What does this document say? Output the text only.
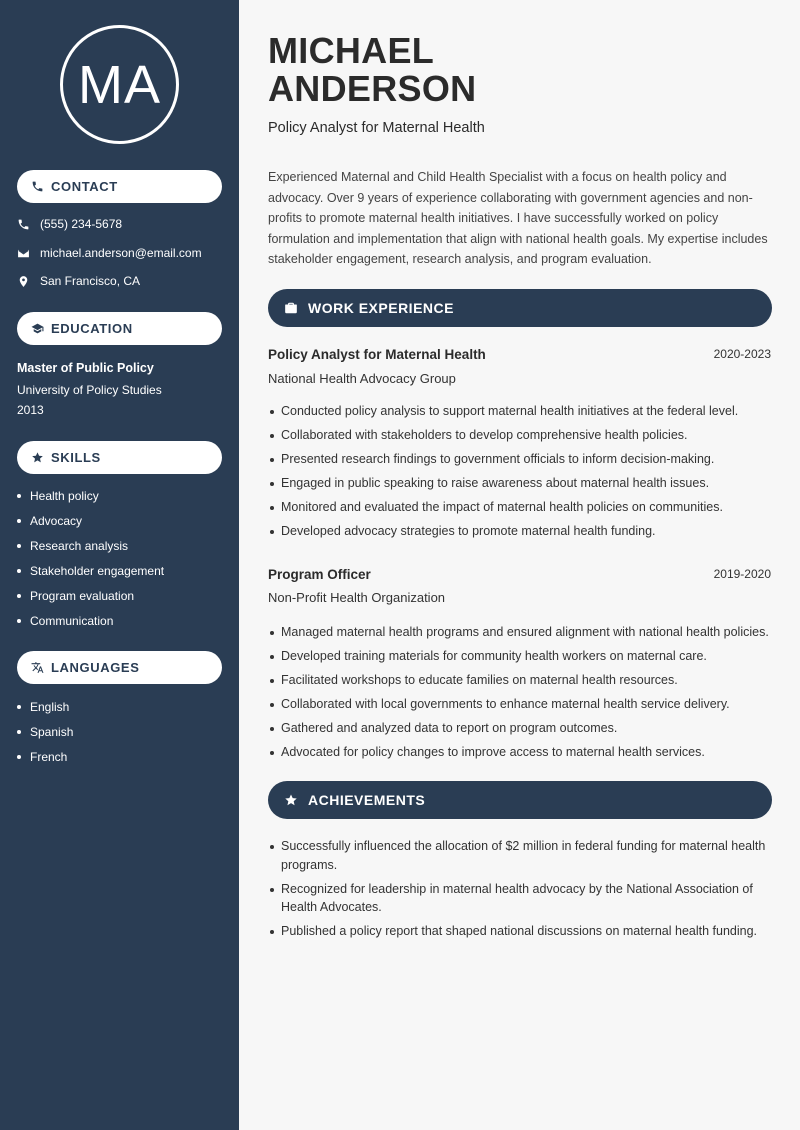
MA
CONTACT
(555) 234-5678
michael.anderson@email.com
San Francisco, CA
EDUCATION
Master of Public Policy
University of Policy Studies
2013
SKILLS
Health policy
Advocacy
Research analysis
Stakeholder engagement
Program evaluation
Communication
LANGUAGES
English
Spanish
French
MICHAEL
ANDERSON
Policy Analyst for Maternal Health
Experienced Maternal and Child Health Specialist with a focus on health policy and advocacy. Over 9 years of experience collaborating with government agencies and non-profits to promote maternal health initiatives. I have successfully worked on policy formulation and implementation that align with national health goals. My expertise includes stakeholder engagement, research analysis, and program evaluation.
WORK EXPERIENCE
Policy Analyst for Maternal Health	2020-2023
National Health Advocacy Group
Conducted policy analysis to support maternal health initiatives at the federal level.
Collaborated with stakeholders to develop comprehensive health policies.
Presented research findings to government officials to inform decision-making.
Engaged in public speaking to raise awareness about maternal health issues.
Monitored and evaluated the impact of maternal health policies on communities.
Developed advocacy strategies to promote maternal health funding.
Program Officer	2019-2020
Non-Profit Health Organization
Managed maternal health programs and ensured alignment with national health policies.
Developed training materials for community health workers on maternal care.
Facilitated workshops to educate families on maternal health resources.
Collaborated with local governments to enhance maternal health service delivery.
Gathered and analyzed data to report on program outcomes.
Advocated for policy changes to improve access to maternal health services.
ACHIEVEMENTS
Successfully influenced the allocation of $2 million in federal funding for maternal health programs.
Recognized for leadership in maternal health advocacy by the National Association of Health Advocates.
Published a policy report that shaped national discussions on maternal health funding.
